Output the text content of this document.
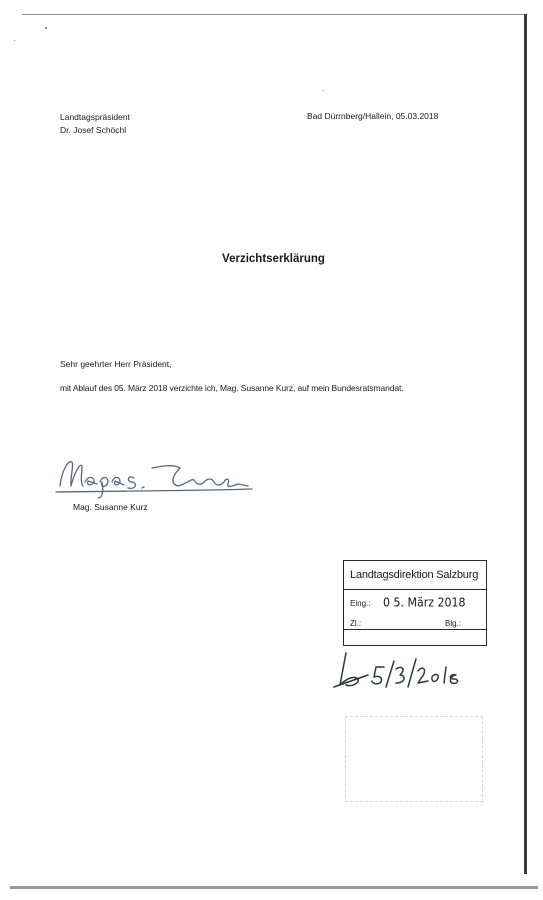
Landtagspräsident
Dr. Josef Schöchl
Bad Dürrnberg/Hallein, 05.03.2018
Verzichtserklärung
Sehr geehrter Herr Präsident,
mit Ablauf des 05. März 2018 verzichte ich, Mag. Susanne Kurz, auf mein Bundesratsmandat.
Mag. Susanne Kurz
Landtagsdirektion Salzburg
Eing.: 0 5. März 2018
Zl.:	Blg.:
